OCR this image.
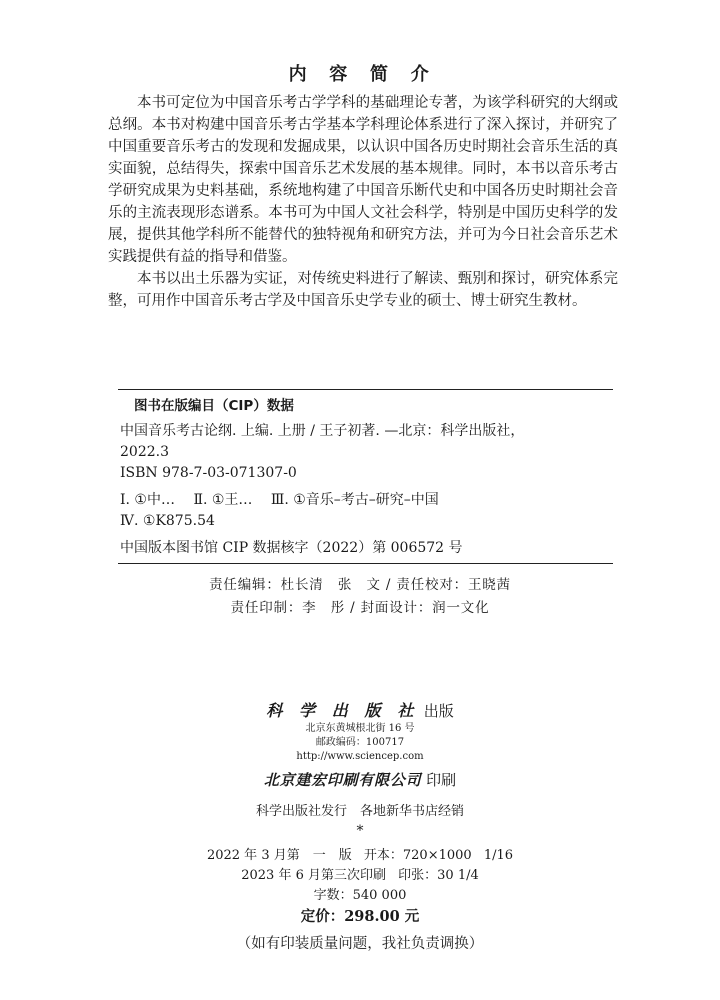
内 容 简 介

本书可定位为中国音乐考古学学科的基础理论专著，为该学科研究的大纲或总纲。本书对构建中国音乐考古学基本学科理论体系进行了深入探讨，并研究了中国重要音乐考古的发现和发掘成果，以认识中国各历史时期社会音乐生活的真实面貌，总结得失，探索中国音乐艺术发展的基本规律。同时，本书以音乐考古学研究成果为史料基础，系统地构建了中国音乐断代史和中国各历史时期社会音乐的主流表现形态谱系。本书可为中国人文社会科学，特别是中国历史科学的发展，提供其他学科所不能替代的独特视角和研究方法，并可为今日社会音乐艺术实践提供有益的指导和借鉴。

本书以出土乐器为实证，对传统史料进行了解读、甄别和探讨，研究体系完整，可用作中国音乐考古学及中国音乐史学专业的硕士、博士研究生教材。

图书在版编目（CIP）数据
中国音乐考古论纲. 上编. 上册 / 王子初著. —北京：科学出版社，
2022.3
ISBN 978-7-03-071307-0
Ⅰ. ①中… Ⅱ. ①王… Ⅲ. ①音乐–考古–研究–中国
Ⅳ. ①K875.54
中国版本图书馆 CIP 数据核字（2022）第 006572 号
责任编辑：杜长清　张　文 / 责任校对：王晓茜
责任印制：李　彤 / 封面设计：润一文化
科 学 出 版 社 出版
北京东黄城根北街 16 号
邮政编码：100717
http://www.sciencep.com
北京建宏印刷有限公司 印刷
科学出版社发行　各地新华书店经销
*
2022 年 3 月第　一　版 开本：720×1000 1/16
2023 年 6 月第三次印刷 印张：30 1/4
字数：540 000
定价：298.00 元
（如有印装质量问题，我社负责调换）
